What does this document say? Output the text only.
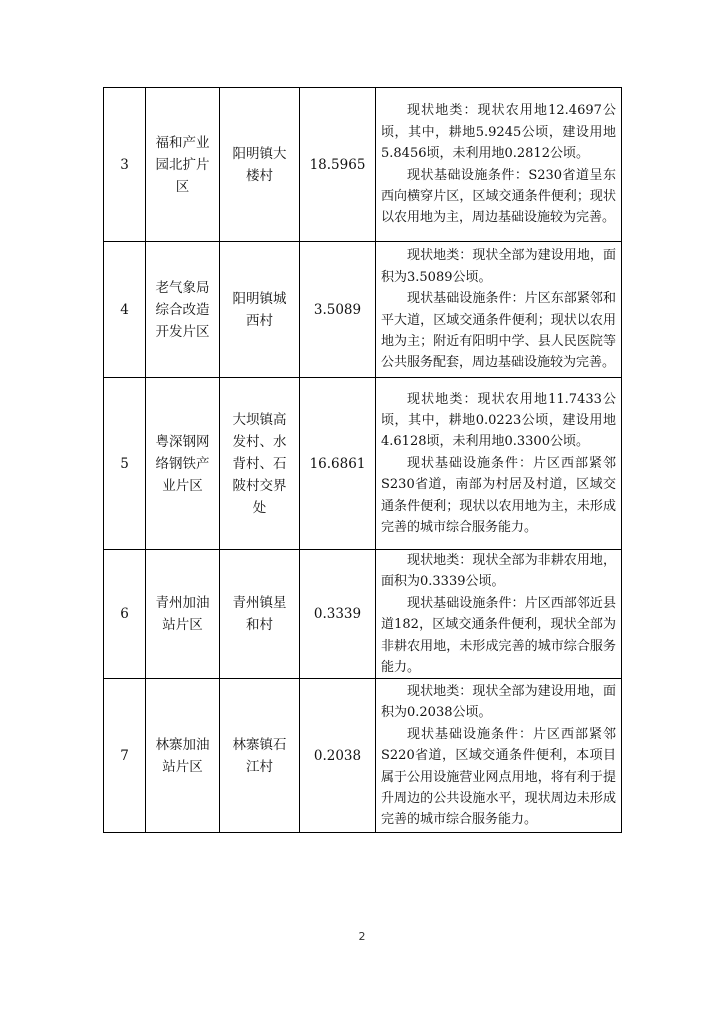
3	福和产业园北扩片区	阳明镇大楼村	18.5965	现状地类：现状农用地12.4697公顷，其中，耕地5.9245公顷，建设用地5.8456顷，未利用地0.2812公顷。

现状基础设施条件：S230省道呈东西向横穿片区，区域交通条件便利；现状以农用地为主，周边基础设施较为完善。

4	老气象局综合改造开发片区	阳明镇城西村	3.5089	现状地类：现状全部为建设用地，面积为3.5089公顷。

现状基础设施条件：片区东部紧邻和平大道，区域交通条件便利；现状以农用地为主；附近有阳明中学、县人民医院等公共服务配套，周边基础设施较为完善。

5	粤深钢网络钢铁产业片区	大坝镇高发村、水背村、石陂村交界处	16.6861	现状地类：现状农用地11.7433公顷，其中，耕地0.0223公顷，建设用地4.6128顷，未利用地0.3300公顷。

现状基础设施条件：片区西部紧邻S230省道，南部为村居及村道，区域交通条件便利；现状以农用地为主，未形成完善的城市综合服务能力。

6	青州加油站片区	青州镇星和村	0.3339	现状地类：现状全部为非耕农用地，面积为0.3339公顷。

现状基础设施条件：片区西部邻近县道182，区域交通条件便利，现状全部为非耕农用地，未形成完善的城市综合服务能力。

7	林寨加油站片区	林寨镇石江村	0.2038	现状地类：现状全部为建设用地，面积为0.2038公顷。

现状基础设施条件：片区西部紧邻S220省道，区域交通条件便利，本项目属于公用设施营业网点用地，将有利于提升周边的公共设施水平，现状周边未形成完善的城市综合服务能力。

2
